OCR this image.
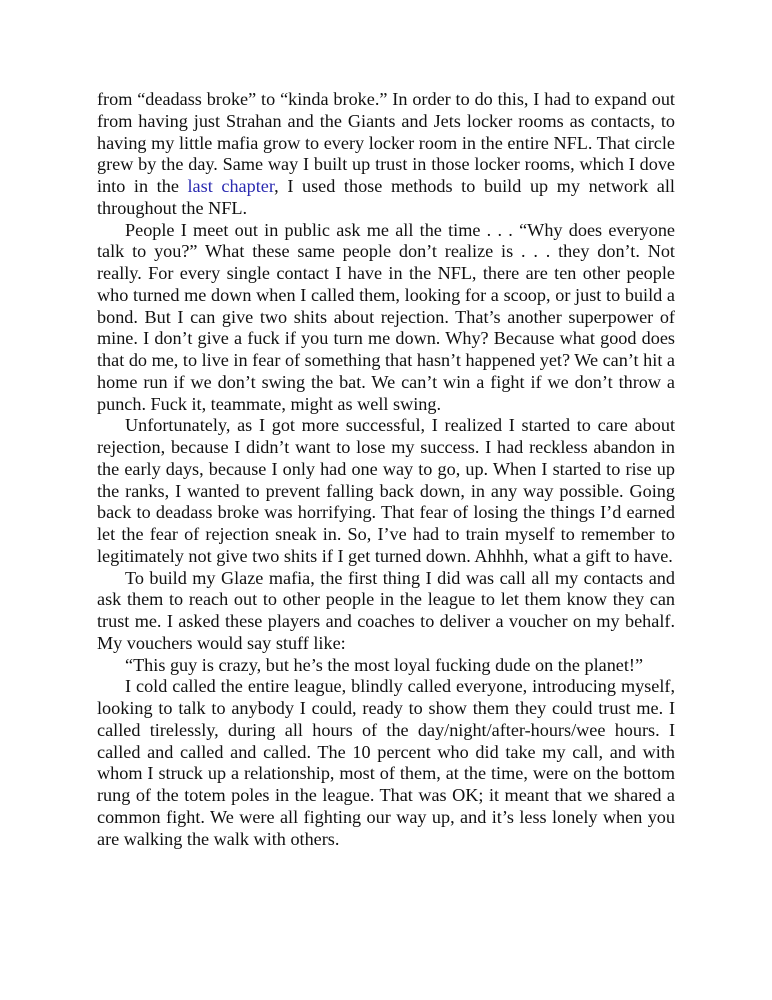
from “deadass broke” to “kinda broke.” In order to do this, I had to expand out from having just Strahan and the Giants and Jets locker rooms as contacts, to having my little mafia grow to every locker room in the entire NFL. That circle grew by the day. Same way I built up trust in those locker rooms, which I dove into in the last chapter, I used those methods to build up my network all throughout the NFL.

People I meet out in public ask me all the time . . . “Why does everyone talk to you?” What these same people don’t realize is . . . they don’t. Not really. For every single contact I have in the NFL, there are ten other people who turned me down when I called them, looking for a scoop, or just to build a bond. But I can give two shits about rejection. That’s another superpower of mine. I don’t give a fuck if you turn me down. Why? Because what good does that do me, to live in fear of something that hasn’t happened yet? We can’t hit a home run if we don’t swing the bat. We can’t win a fight if we don’t throw a punch. Fuck it, teammate, might as well swing.

Unfortunately, as I got more successful, I realized I started to care about rejection, because I didn’t want to lose my success. I had reckless abandon in the early days, because I only had one way to go, up. When I started to rise up the ranks, I wanted to prevent falling back down, in any way possible. Going back to deadass broke was horrifying. That fear of losing the things I’d earned let the fear of rejection sneak in. So, I’ve had to train myself to remember to legitimately not give two shits if I get turned down. Ahhhh, what a gift to have.

To build my Glaze mafia, the first thing I did was call all my contacts and ask them to reach out to other people in the league to let them know they can trust me. I asked these players and coaches to deliver a voucher on my behalf. My vouchers would say stuff like:

“This guy is crazy, but he’s the most loyal fucking dude on the planet!”

I cold called the entire league, blindly called everyone, introducing myself, looking to talk to anybody I could, ready to show them they could trust me. I called tirelessly, during all hours of the day/night/after-hours/wee hours. I called and called and called. The 10 percent who did take my call, and with whom I struck up a relationship, most of them, at the time, were on the bottom rung of the totem poles in the league. That was OK; it meant that we shared a common fight. We were all fighting our way up, and it’s less lonely when you are walking the walk with others.
